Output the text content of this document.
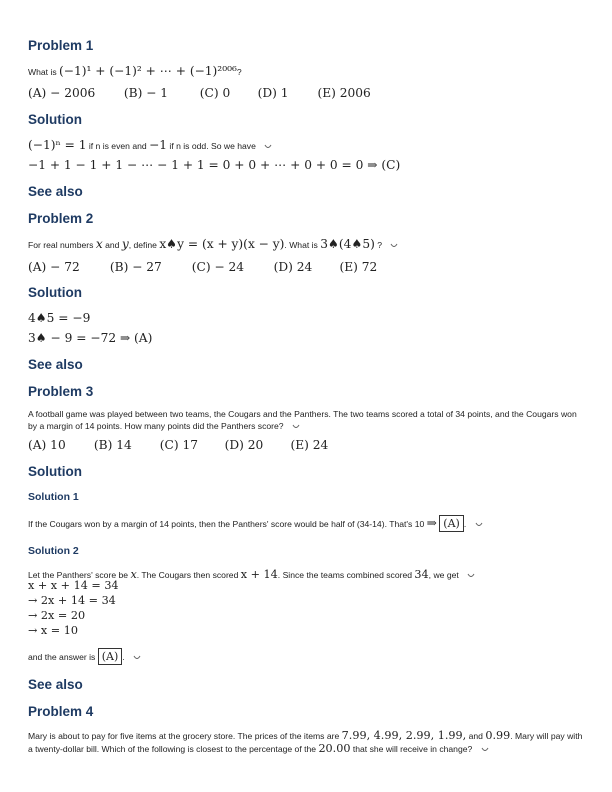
Problem 1
What is (−1)¹ + (−1)² + ⋯ + (−1)²⁰⁰⁶?
(A) − 2006 (B) − 1	(C) 0 (D) 1 (E) 2006
Solution
(−1)ⁿ = 1 if n is even and −1 if n is odd. So we have
−1 + 1 − 1 + 1 − ⋯ − 1 + 1 = 0 + 0 + ⋯ + 0 + 0 = 0 ⇒ (C)
See also
Problem 2
For real numbers x and y, define x♠y = (x + y)(x − y). What is 3♠(4♠5) ?
(A) − 72 (B) − 27 (C) − 24 (D) 24 (E) 72
Solution
4♠5 = −9
3♠ − 9 = −72 ⇒ (A)
See also
Problem 3
A football game was played between two teams, the Cougars and the Panthers. The two teams scored a total of 34 points, and the Cougars won by a margin of 14 points. How many points did the Panthers score?
(A) 10 (B) 14 (C) 17 (D) 20 (E) 24
Solution
Solution 1
If the Cougars won by a margin of 14 points, then the Panthers' score would be half of (34-14). That's 10 ⇒ (A) .
Solution 2
Let the Panthers' score be x. The Cougars then scored x + 14. Since the teams combined scored 34, we get
x + x + 14 = 34
→ 2x + 14 = 34
→ 2x = 20
→ x = 10
and the answer is (A) .
See also
Problem 4
Mary is about to pay for five items at the grocery store. The prices of the items are 7.99, 4.99, 2.99, 1.99, and 0.99. Mary will pay with a twenty-dollar bill. Which of the following is closest to the percentage of the 20.00 that she will receive in change?
